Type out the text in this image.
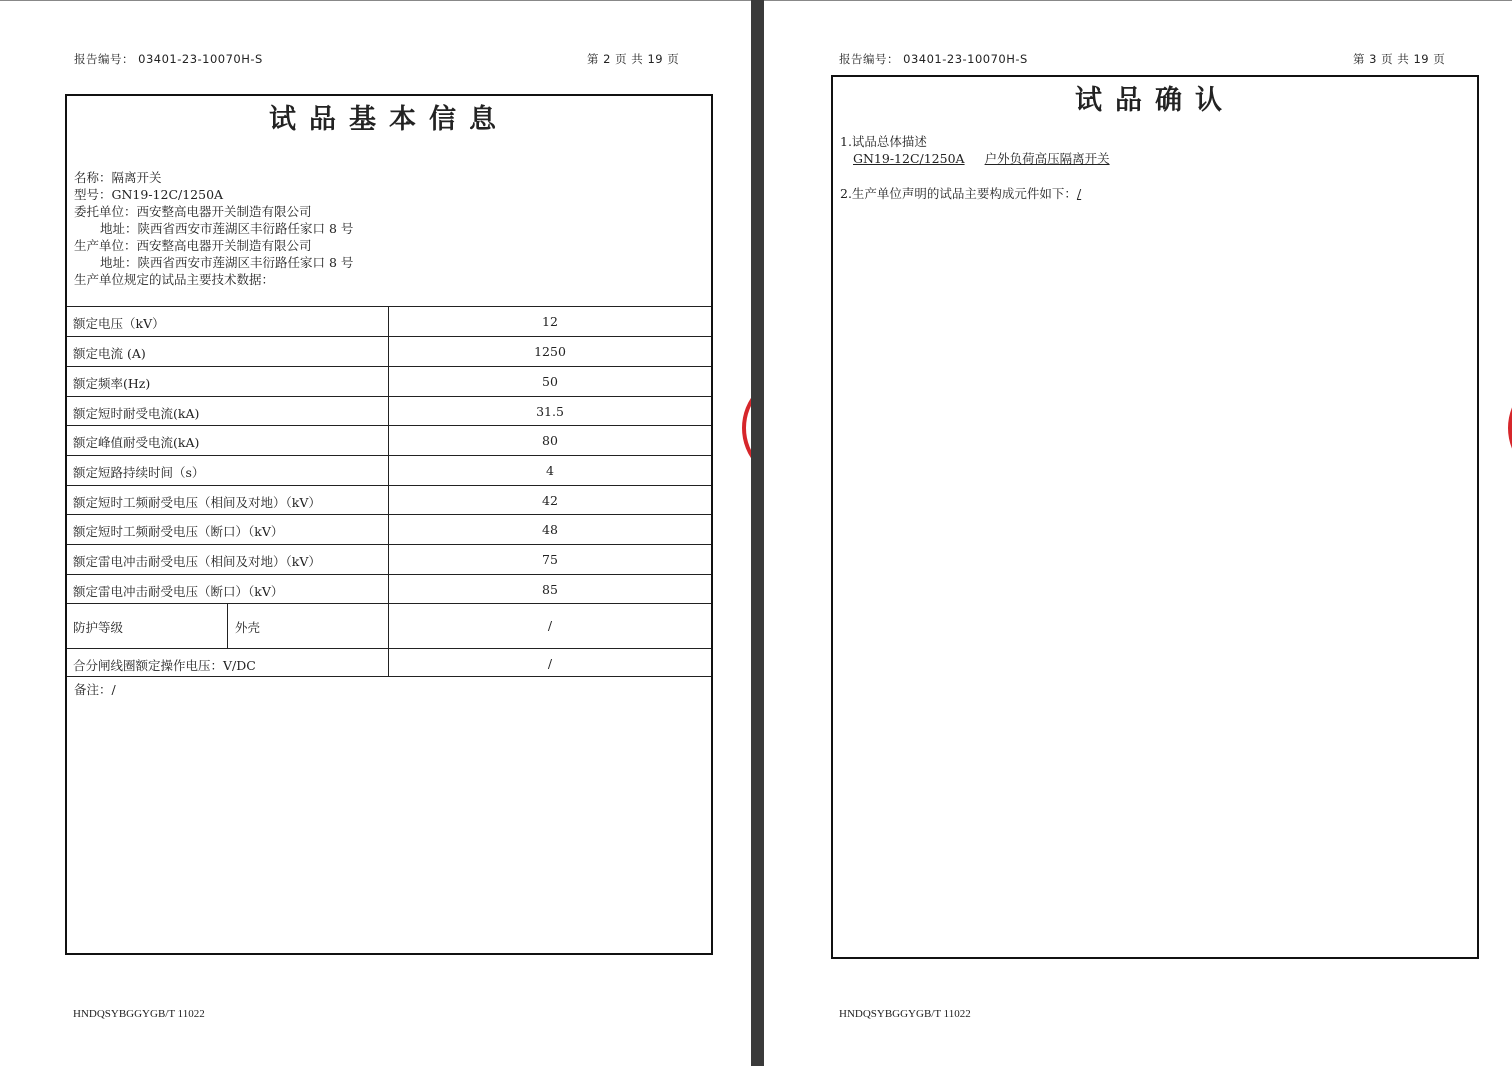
报告编号： 03401-23-10070H-S	第 2 页 共 19 页
试品基本信息
名称：隔离开关
型号：GN19-12C/1250A
委托单位：西安整高电器开关制造有限公司
地址：陕西省西安市莲湖区丰衍路任家口 8 号
生产单位：西安整高电器开关制造有限公司
地址：陕西省西安市莲湖区丰衍路任家口 8 号
生产单位规定的试品主要技术数据：
额定电压（kV）	12
额定电流 (A)	1250
额定频率(Hz)	50
额定短时耐受电流(kA)	31.5
额定峰值耐受电流(kA)	80
额定短路持续时间（s）	4
额定短时工频耐受电压（相间及对地）（kV）	42
额定短时工频耐受电压（断口）（kV）	48
额定雷电冲击耐受电压（相间及对地）（kV）	75
额定雷电冲击耐受电压（断口）（kV）	85
防护等级	外壳	/
合分闸线圈额定操作电压：V/DC	/
备注：/
HNDQSYBGGYGB/T 11022
报告编号： 03401-23-10070H-S	第 3 页 共 19 页
试品确认
1.试品总体描述
GN19-12C/1250A 户外负荷高压隔离开关
2.生产单位声明的试品主要构成元件如下：/
HNDQSYBGGYGB/T 11022
